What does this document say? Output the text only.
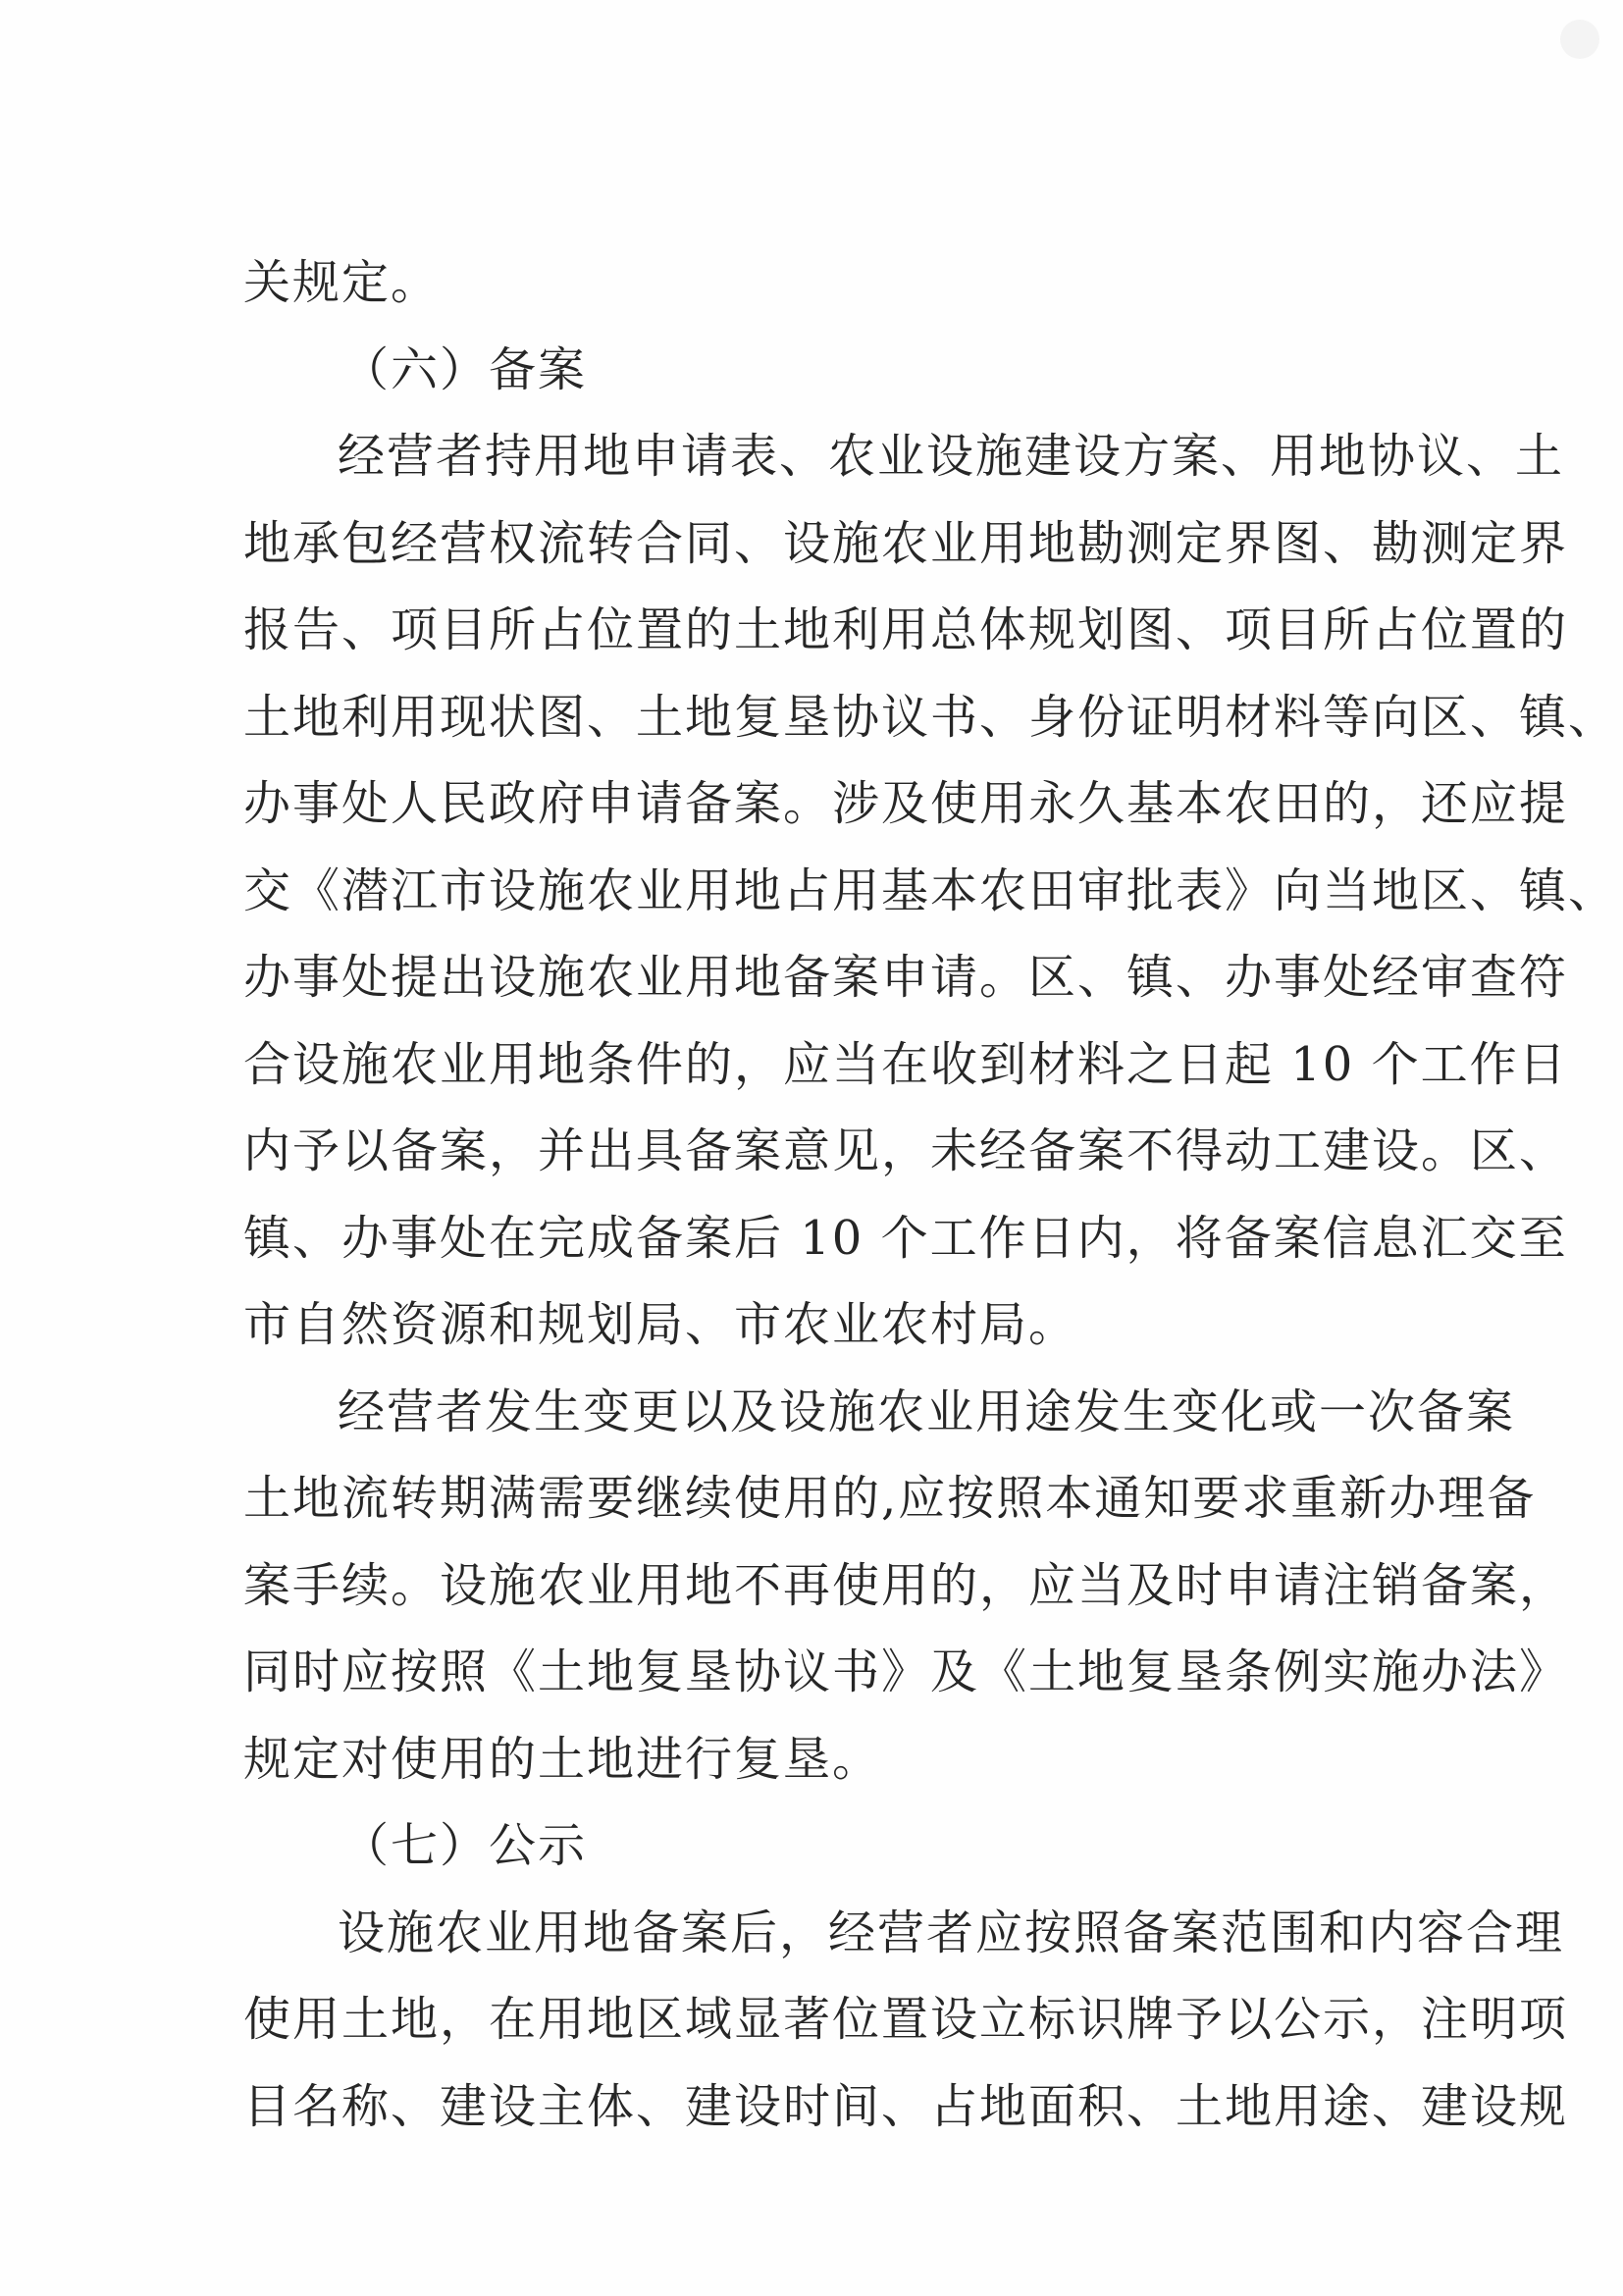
关规定。
（六）备案
经营者持用地申请表、农业设施建设方案、用地协议、土
地承包经营权流转合同、设施农业用地勘测定界图、勘测定界
报告、项目所占位置的土地利用总体规划图、项目所占位置的
土地利用现状图、土地复垦协议书、身份证明材料等向区、镇、
办事处人民政府申请备案。涉及使用永久基本农田的，还应提
交《潜江市设施农业用地占用基本农田审批表》向当地区、镇、
办事处提出设施农业用地备案申请。区、镇、办事处经审查符
合设施农业用地条件的，应当在收到材料之日起 10 个工作日
内予以备案，并出具备案意见，未经备案不得动工建设。区、
镇、办事处在完成备案后 10 个工作日内，将备案信息汇交至
市自然资源和规划局、市农业农村局。
经营者发生变更以及设施农业用途发生变化或一次备案
土地流转期满需要继续使用的,应按照本通知要求重新办理备
案手续。设施农业用地不再使用的，应当及时申请注销备案，
同时应按照《土地复垦协议书》及《土地复垦条例实施办法》
规定对使用的土地进行复垦。
（七）公示
设施农业用地备案后，经营者应按照备案范围和内容合理
使用土地，在用地区域显著位置设立标识牌予以公示，注明项
目名称、建设主体、建设时间、占地面积、土地用途、建设规
